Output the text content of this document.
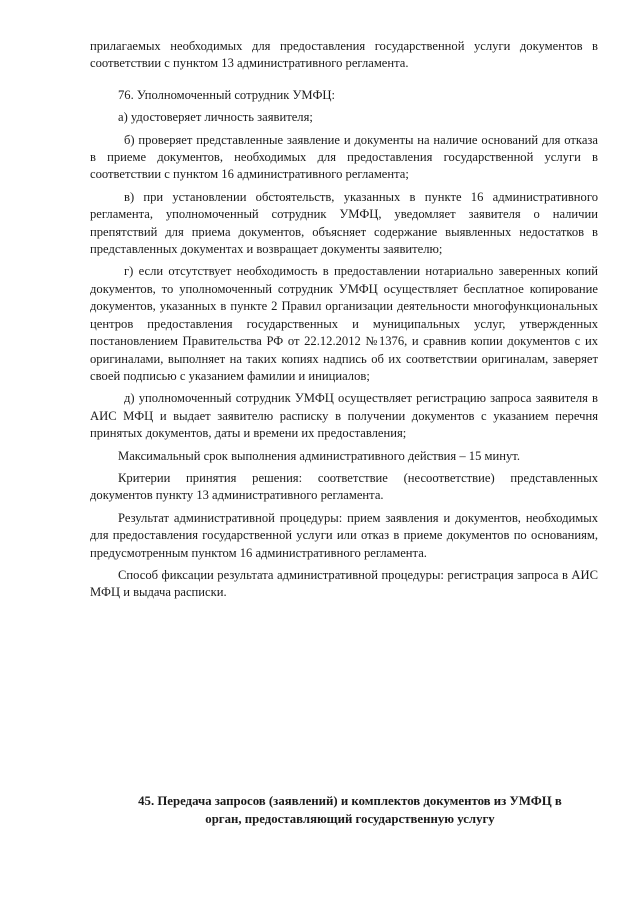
прилагаемых необходимых для предоставления государственной услуги документов в соответствии с пунктом 13 административного регламента.

76. Уполномоченный сотрудник УМФЦ:

а) удостоверяет личность заявителя;

б) проверяет представленные заявление и документы на наличие оснований для отказа в приеме документов, необходимых для предоставления государственной услуги в соответствии с пунктом 16 административного регламента;

в) при установлении обстоятельств, указанных в пункте 16 административного регламента, уполномоченный сотрудник УМФЦ, уведомляет заявителя о наличии препятствий для приема документов, объясняет содержание выявленных недостатков в представленных документах и возвращает документы заявителю;

г) если отсутствует необходимость в предоставлении нотариально заверенных копий документов, то уполномоченный сотрудник УМФЦ осуществляет бесплатное копирование документов, указанных в пункте 2 Правил организации деятельности многофункциональных центров предоставления государственных и муниципальных услуг, утвержденных постановлением Правительства РФ от 22.12.2012 №1376, и сравнив копии документов с их оригиналами, выполняет на таких копиях надпись об их соответствии оригиналам, заверяет своей подписью с указанием фамилии и инициалов;

д) уполномоченный сотрудник УМФЦ осуществляет регистрацию запроса заявителя в АИС МФЦ и выдает заявителю расписку в получении документов с указанием перечня принятых документов, даты и времени их предоставления;

Максимальный срок выполнения административного действия – 15 минут.

Критерии принятия решения: соответствие (несоответствие) представленных документов пункту 13 административного регламента.

Результат административной процедуры: прием заявления и документов, необходимых для предоставления государственной услуги или отказ в приеме документов по основаниям, предусмотренным пунктом 16 административного регламента.

Способ фиксации результата административной процедуры: регистрация запроса в АИС МФЦ и выдача расписки.

45. Передача запросов (заявлений) и комплектов документов из УМФЦ в орган, предоставляющий государственную услугу
